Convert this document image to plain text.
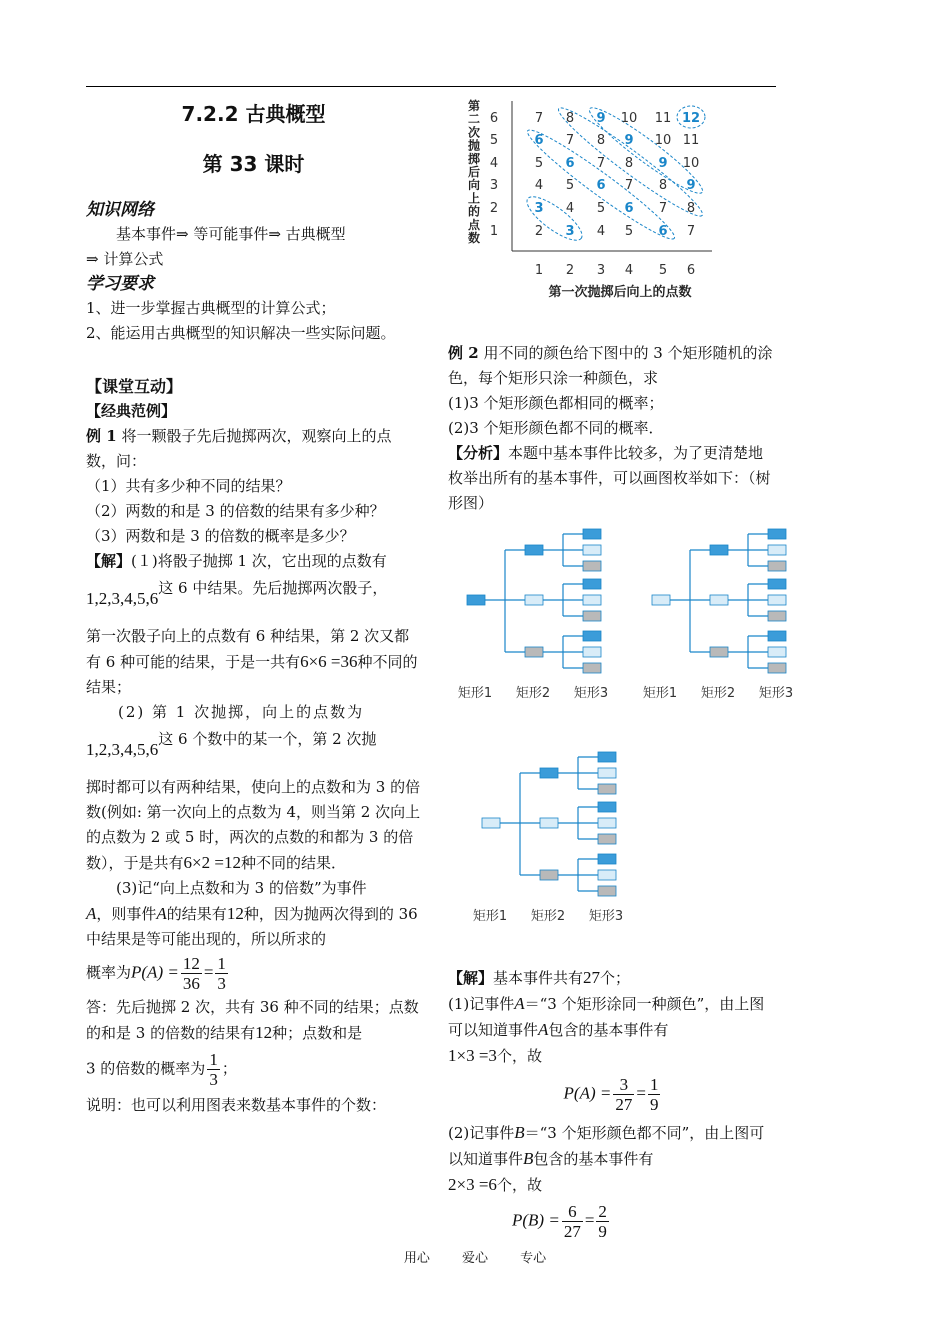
7.2.2 古典概型
第 33 课时
知识网络

基本事件⇒ 等可能事件⇒ 古典概型

⇒ 计算公式

学习要求

1、进一步掌握古典概型的计算公式；

2、能运用古典概型的知识解决一些实际问题。

【课堂互动】

【经典范例】

例 1 将一颗骰子先后抛掷两次，观察向上的点数，问：

（1）共有多少种不同的结果？

（2）两数的和是 3 的倍数的结果有多少种？

（3）两数和是 3 的倍数的概率是多少？

【解】(１)将骰子抛掷 1 次，它出现的点数有

1,2,3,4,5,6这 6 中结果。先后抛掷两次骰子，

第一次骰子向上的点数有 6 种结果，第 2 次又都有 6 种可能的结果，于是一共有6×6 =36种不同的结果；

(2) 第 1 次抛掷，向上的点数为

1,2,3,4,5,6这 6 个数中的某一个，第 2 次抛

掷时都可以有两种结果，使向上的点数和为 3 的倍数(例如: 第一次向上的点数为 4，则当第 2 次向上的点数为 2 或 5 时，两次的点数的和都为 3 的倍数），于是共有6×2 =12种不同的结果．

(3)记“向上点数和为 3 的倍数”为事件
A，则事件A的结果有12种，因为抛两次得到的 36 中结果是等可能出现的，所以所求的

概率为$P(A) = \frac{12}{36} = \frac{1}{3}$

答：先后抛掷 2 次，共有 36 种不同的结果；点数的和是 3 的倍数的结果有12种；点数和是

3 的倍数的概率为 $\frac{1}{3}$ ；

说明：也可以利用图表来数基本事件的个数：

第
二
次
抛
掷
后
向
上
的
点
数	2
3
4
5
6
7
3
4
5
6
7
8
4
5
6
7
8
9
5
6
7
8
9
10
6
7
8
9
10
11
7
8
9
10
11
12
1 2 3 4 5 6
1
2
3
4
5
6
第一次抛掷后向上的点数

例 2 用不同的颜色给下图中的 3 个矩形随机的涂色，每个矩形只涂一种颜色，求

(1)3 个矩形颜色都相同的概率；

(2)3 个矩形颜色都不同的概率．

【分析】本题中基本事件比较多，为了更清楚地枚举出所有的基本事件，可以画图枚举如下：（树形图）

矩形1 矩形2 矩形3	矩形1 矩形2 矩形3
矩形1 矩形2 矩形3

【解】基本事件共有27个；

(1)记事件A＝“3 个矩形涂同一种颜色”，由上图可以知道事件A包含的基本事件有
1×3 =3个，故

$P(A) = \frac{3}{27} = \frac{1}{9}$

(2)记事件B＝“3 个矩形颜色都不同”，由上图可以知道事件B包含的基本事件有
2×3 =6个，故

$P(B) = \frac{6}{27} = \frac{2}{9}$

用心 爱心 专心
